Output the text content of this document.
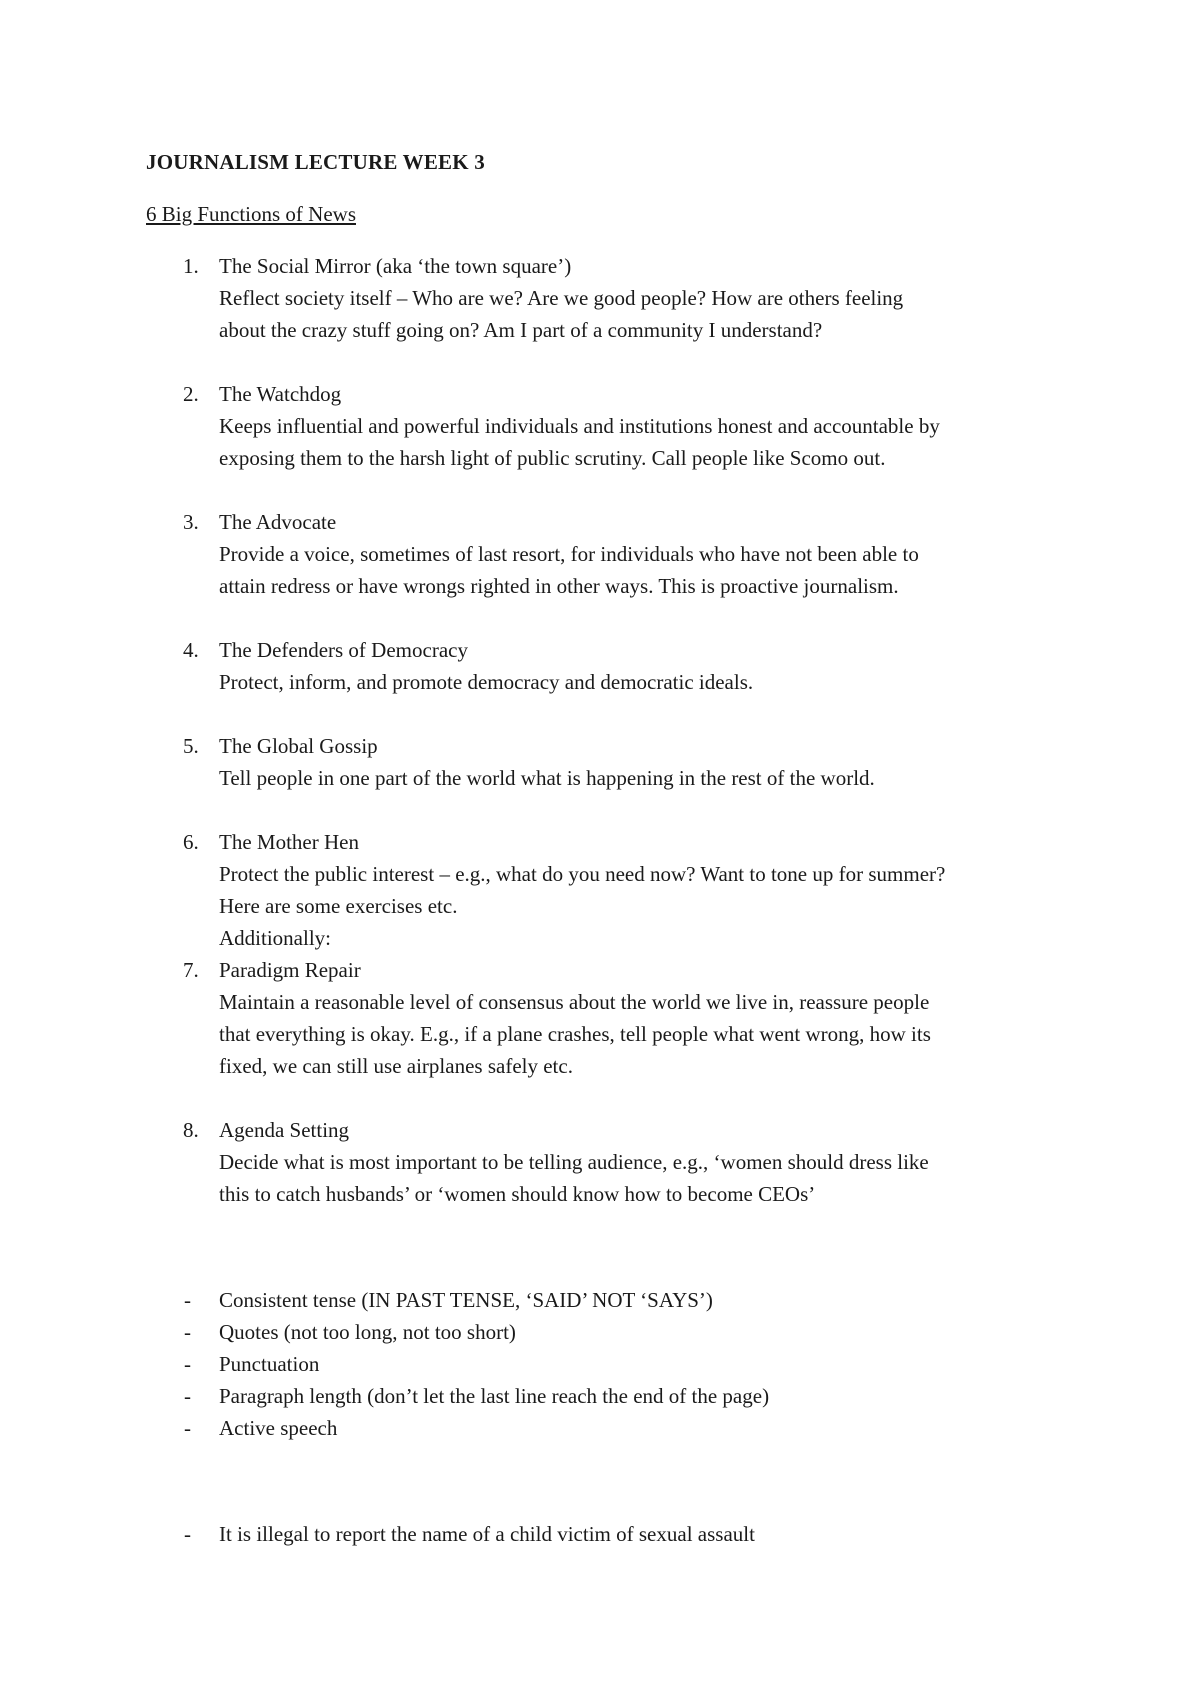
JOURNALISM LECTURE WEEK 3

6 Big Functions of News

1. The Social Mirror (aka ‘the town square’)

Reflect society itself – Who are we? Are we good people? How are others feeling

about the crazy stuff going on? Am I part of a community I understand?

2. The Watchdog

Keeps influential and powerful individuals and institutions honest and accountable by

exposing them to the harsh light of public scrutiny. Call people like Scomo out.

3. The Advocate

Provide a voice, sometimes of last resort, for individuals who have not been able to

attain redress or have wrongs righted in other ways. This is proactive journalism.

4. The Defenders of Democracy

Protect, inform, and promote democracy and democratic ideals.

5. The Global Gossip

Tell people in one part of the world what is happening in the rest of the world.

6. The Mother Hen

Protect the public interest – e.g., what do you need now? Want to tone up for summer?

Here are some exercises etc.

Additionally:

7. Paradigm Repair

Maintain a reasonable level of consensus about the world we live in, reassure people

that everything is okay. E.g., if a plane crashes, tell people what went wrong, how its

fixed, we can still use airplanes safely etc.

8. Agenda Setting

Decide what is most important to be telling audience, e.g., ‘women should dress like

this to catch husbands’ or ‘women should know how to become CEOs’

- Consistent tense (IN PAST TENSE, ‘SAID’ NOT ‘SAYS’)
- Quotes (not too long, not too short)
- Punctuation
- Paragraph length (don’t let the last line reach the end of the page)
- Active speech
- It is illegal to report the name of a child victim of sexual assault
